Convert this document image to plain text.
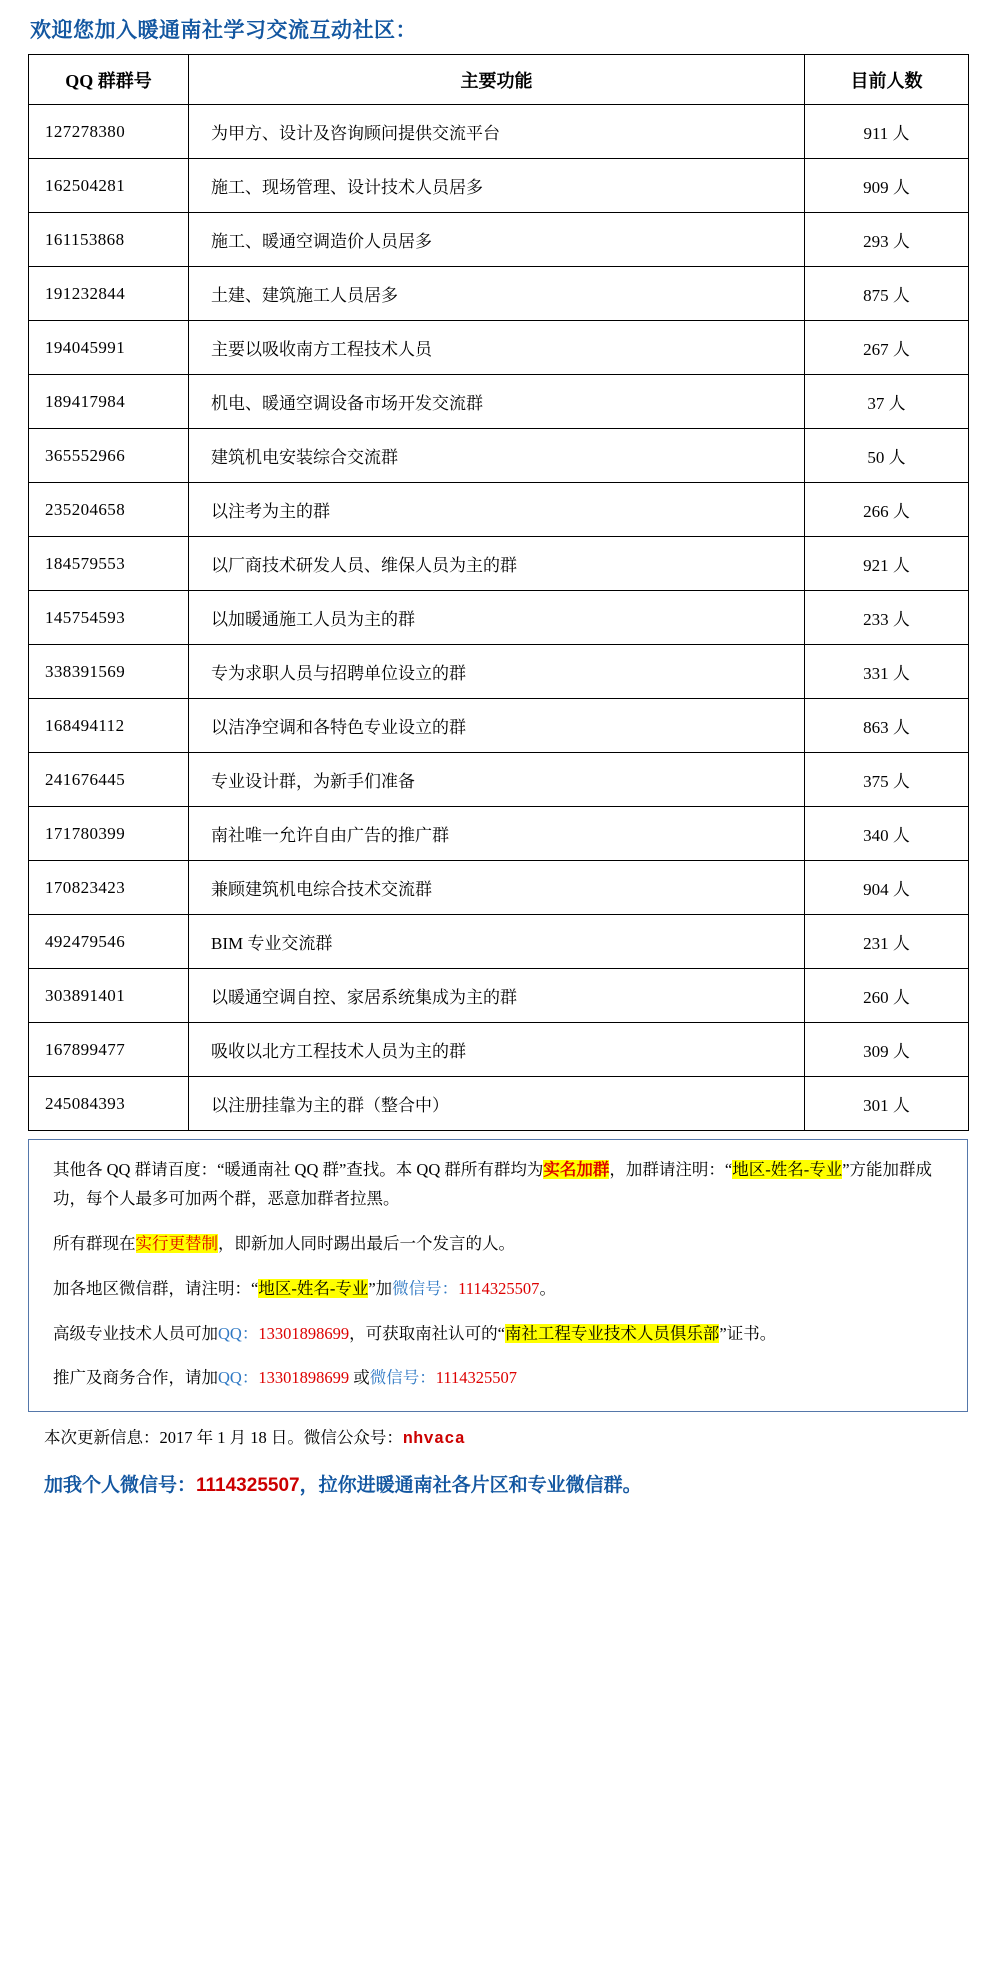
欢迎您加入暖通南社学习交流互动社区：
QQ 群群号	主要功能	目前人数
127278380	为甲方、设计及咨询顾问提供交流平台	911 人
162504281	施工、现场管理、设计技术人员居多	909 人
161153868	施工、暖通空调造价人员居多	293 人
191232844	土建、建筑施工人员居多	875 人
194045991	主要以吸收南方工程技术人员	267 人
189417984	机电、暖通空调设备市场开发交流群	37 人
365552966	建筑机电安装综合交流群	50 人
235204658	以注考为主的群	266 人
184579553	以厂商技术研发人员、维保人员为主的群	921 人
145754593	以加暖通施工人员为主的群	233 人
338391569	专为求职人员与招聘单位设立的群	331 人
168494112	以洁净空调和各特色专业设立的群	863 人
241676445	专业设计群，为新手们准备	375 人
171780399	南社唯一允许自由广告的推广群	340 人
170823423	兼顾建筑机电综合技术交流群	904 人
492479546	BIM 专业交流群	231 人
303891401	以暖通空调自控、家居系统集成为主的群	260 人
167899477	吸收以北方工程技术人员为主的群	309 人
245084393	以注册挂靠为主的群（整合中）	301 人

其他各 QQ 群请百度：“暖通南社 QQ 群”查找。本 QQ 群所有群均为实名加群，加群请注明：“地区-姓名-专业”方能加群成功，每个人最多可加两个群，恶意加群者拉黑。

所有群现在实行更替制，即新加人同时踢出最后一个发言的人。

加各地区微信群，请注明：“地区-姓名-专业”加微信号：1114325507。

高级专业技术人员可加QQ：13301898699，可获取南社认可的“南社工程专业技术人员俱乐部”证书。

推广及商务合作，请加QQ：13301898699 或微信号：1114325507

本次更新信息：2017 年 1 月 18 日。微信公众号：nhvaca
加我个人微信号：1114325507，拉你进暖通南社各片区和专业微信群。
